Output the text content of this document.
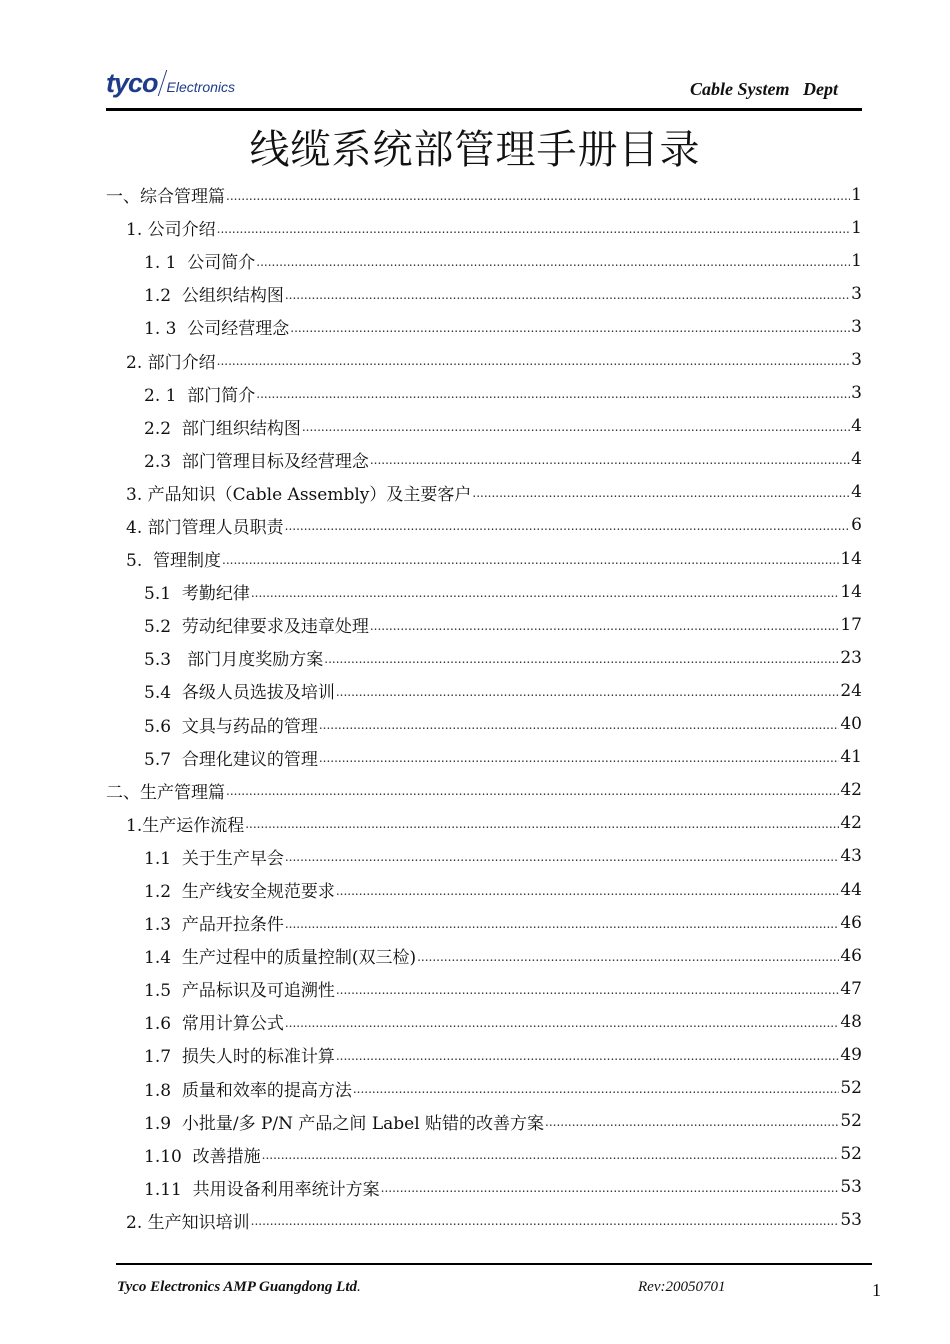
tyco Electronics	Cable System   Dept
线缆系统部管理手册目录
一、综合管理篇 .....	1
1. 公司介绍 .....	1
1. 1  公司简介 .....	1
1.2  公组织结构图 .....	3
1. 3  公司经营理念 .....	3
2. 部门介绍 .....	3
2. 1  部门简介 .....	3
2.2  部门组织结构图 .....	4
2.3  部门管理目标及经营理念 .....	4
3. 产品知识（Cable Assembly）及主要客户 .....	4
4. 部门管理人员职责 .....	6
5.  管理制度 .....	14
5.1  考勤纪律 .....	14
5.2  劳动纪律要求及违章处理 .....	17
5.3   部门月度奖励方案 .....	23
5.4  各级人员选拔及培训 .....	24
5.6  文具与药品的管理 .....	40
5.7  合理化建议的管理 .....	41
二、生产管理篇 .....	42
1.生产运作流程 .....	42
1.1  关于生产早会 .....	43
1.2  生产线安全规范要求 .....	44
1.3  产品开拉条件 .....	46
1.4  生产过程中的质量控制(双三检) .....	46
1.5  产品标识及可追溯性 .....	47
1.6  常用计算公式 .....	48
1.7  损失人时的标准计算 .....	49
1.8  质量和效率的提高方法 .....	52
1.9  小批量/多 P/N 产品之间 Label 贴错的改善方案 .....	52
1.10  改善措施 .....	52
1.11  共用设备利用率统计方案 .....	53
2. 生产知识培训 .....	53
Tyco Electronics AMP Guangdong Ltd.	Rev:20050701	1
